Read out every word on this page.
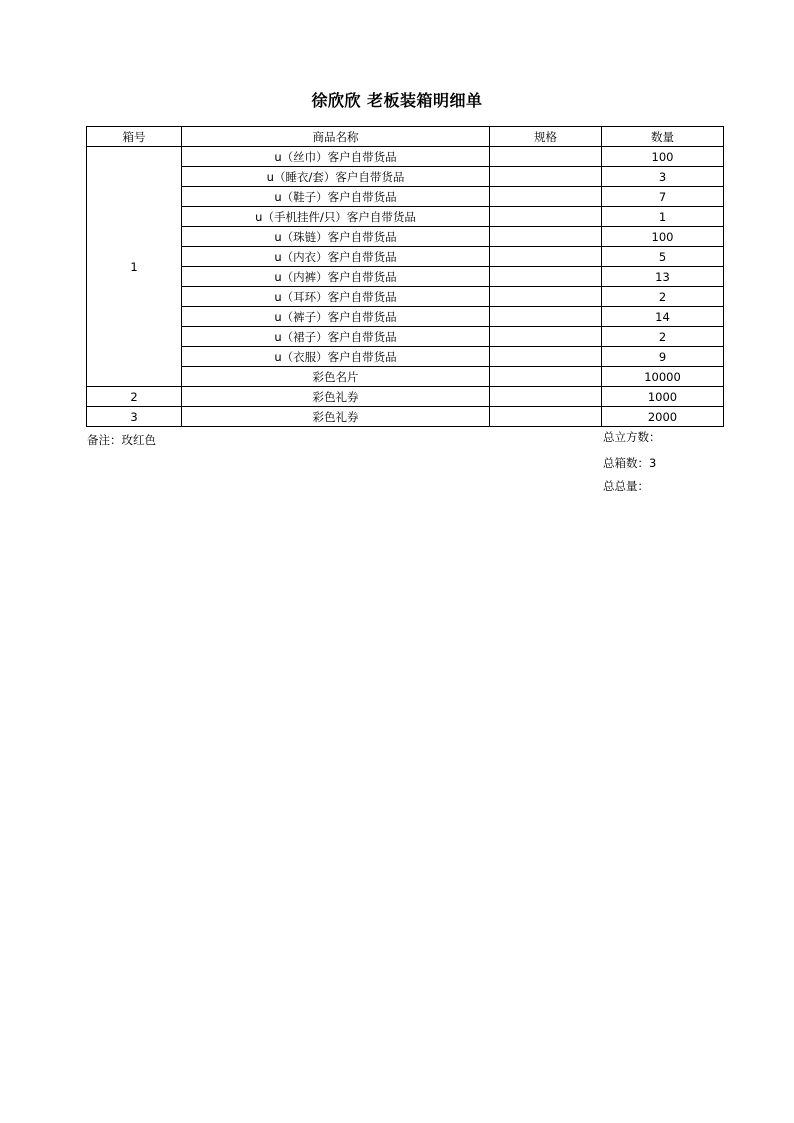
徐欣欣 老板装箱明细单
箱号	商品名称	规格	数量
1	u（丝巾）客户自带货品		100
	u（睡衣/套）客户自带货品		3
	u（鞋子）客户自带货品		7
	u（手机挂件/只）客户自带货品		1
	u（珠链）客户自带货品		100
	u（内衣）客户自带货品		5
	u（内裤）客户自带货品		13
	u（耳环）客户自带货品		2
	u（裤子）客户自带货品		14
	u（裙子）客户自带货品		2
	u（衣服）客户自带货品		9
	彩色名片		10000
2	彩色礼券		1000
3	彩色礼券		2000
备注：玫红色	总立方数：
总箱数：3
总总量：
